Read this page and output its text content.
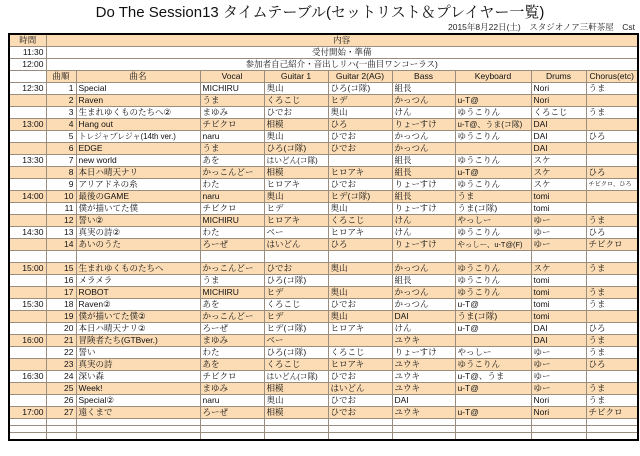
Do The Session13 タイムテーブル(セットリスト＆プレイヤー一覧)
2015年8月22日(土)　スタジオノア三軒茶屋　Cst
時間	内容								
11:30	受付開始・準備								
12:00	参加者自己紹介・音出しリハ(一曲目ワンコーラス)								
	曲順	曲名	Vocal	Guitar 1	Guitar 2(AG)	Bass	Keyboard	Drums	Chorus(etc)
12:30	1	Special	MICHIRU	奥山	ひろ(コ隊)	組長		Nori	うま
	2	Raven	うま	くろこじ	ヒデ	かっつん	u-T@	Nori	
	3	生まれゆくものたちへ②	まゆみ	ひでお	奥山	けん	ゆうこりん	くろこじ	うま
13:00	4	Hang out	チビクロ	相模	ひろ	りょーすけ	u-T@、うま(コ隊)	DAI	
	5	トレジャプレジャ(14th ver.)	naru	奥山	ひでお	かっつん	ゆうこりん	DAI	ひろ
	6	EDGE	うま	ひろ(コ隊)	ひでお	かっつん		DAI	
13:30	7	new world	あを	はいどん(コ隊)		組長	ゆうこりん	スケ	
	8	本日ハ晴天ナリ	かっこんどー	相模	ヒロアキ	組長	u-T@	スケ	ひろ
	9	アリアドネの糸	わた	ヒロアキ	ひでお	りょーすけ	ゆうこりん	スケ	チビクロ、ひろ
14:00	10	最後のGAME	naru	奥山	ヒデ(コ隊)	組長	うま	tomi	
	11	僕が描いてた僕	チビクロ	ヒデ	奥山	りょーすけ	うま(コ隊)	tomi	
	12	誓い②	MICHIRU	ヒロアキ	くろこじ	けん	やっしー	ゆー	うま
14:30	13	真実の詩②	わた	ベー	ヒロアキ	けん	ゆうこりん	ゆー	ひろ
	14	あいのうた	ろーぜ	はいどん	ひろ	りょーすけ	やっしー、u-T@(F)	ゆー	チビクロ

15:00	15	生まれゆくものたちへ	かっこんどー	ひでお	奥山	かっつん	ゆうこりん	スケ	うま
	16	メラメラ	うま	ひろ(コ隊)		組長	ゆうこりん	tomi	
	17	ROBOT	MICHIRU	ヒデ	奥山	かっつん	ゆうこりん	tomi	うま
15:30	18	Raven②	あを	くろこじ	ひでお	かっつん	u-T@	tomi	うま
	19	僕が描いてた僕②	かっこんどー	ヒデ	奥山	DAI	うま(コ隊)	tomi	
	20	本日ハ晴天ナリ②	ろーぜ	ヒデ(コ隊)	ヒロアキ	けん	u-T@	DAI	ひろ
16:00	21	冒険者たち(GTBver.)	まゆみ	ベー		ユウキ		DAI	うま
	22	誓い	わた	ひろ(コ隊)	くろこじ	りょーすけ	やっしー	ゆー	うま
	23	真実の詩	あを	くろこじ	ヒロアキ	ユウキ	ゆうこりん	ゆー	ひろ
16:30	24	深い森	チビクロ	はいどん(コ隊)	ひでお	ユウキ	u-T@、うま	ゆー	
	25	Week!	まゆみ	相模	はいどん	ユウキ	u-T@	ゆー	うま
	26	Special②	naru	奥山	ひでお	DAI		Nori	うま
17:00	27	遠くまで	ろーぜ	相模	ひでお	ユウキ	u-T@	Nori	チビクロ
